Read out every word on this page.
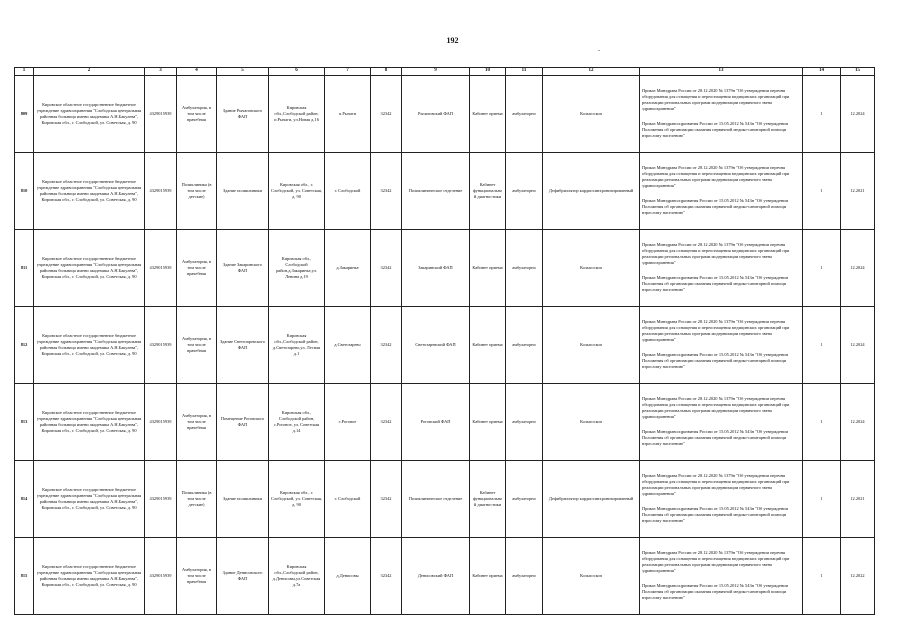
192
.
1	2	3	4	5	6	7	8	9	10	11	12	13	14	15
809	Кировское областное государственное бюджетное учреждение здравоохранения "Слободская центральная районная больница имени академика А.Н.Бакулева", Кировская обл., г. Слободской, ул. Советская, д. 90	4329015939	Амбулатория, в том числе врачебная	Здание Рычаговского ФАП	Кировская обл.,Слободской район, п.Рычаги, ул.Новая д.16	п.Рычаги	32342	Рычаговский ФАП	Кабинет приема	амбулаторно	Кольпоскоп	Приказ Минздрава России от 28.12.2020 № 1379н "Об утверждении перечня оборудования для оснащения и переоснащения медицинских организаций при реализации региональных программ модернизации первичного звена здравоохранения"
Приказ Минздравсоцразвития России от 15.05.2012 № 543н "Об утверждении Положения об организации оказания первичной медико-санитарной помощи взрослому населению"	1	12.2024
810	Кировское областное государственное бюджетное учреждение здравоохранения "Слободская центральная районная больница имени академика А.Н.Бакулева", Кировская обл., г. Слободской, ул. Советская, д. 90	4329015939	Поликлиника (в том числе детские)	Здание поликлиники	Кировская обл., г. Слободской, ул. Советская, д. 90	г. Слободской	32342	Поликлиническое отделение	Кабинет функциональной диагностики	амбулаторно	Дефибриллятор кардиосинхронизированный	Приказ Минздрава России от 28.12.2020 № 1379н "Об утверждении перечня оборудования для оснащения и переоснащения медицинских организаций при реализации региональных программ модернизации первичного звена здравоохранения"
Приказ Минздравсоцразвития России от 15.05.2012 № 543н "Об утверждении Положения об организации оказания первичной медико-санитарной помощи взрослому населению"	1	12.2021
811	Кировское областное государственное бюджетное учреждение здравоохранения "Слободская центральная районная больница имени академика А.Н.Бакулева", Кировская обл., г. Слободской, ул. Советская, д. 90	4329015939	Амбулатория, в том числе врачебная	Здание Закаринского ФАП	Кировская обл., Слободской район,д.Закаринье,ул. Ленина д.19	д.Закаринье	32342	Закаринский ФАП	Кабинет приема	амбулаторно	Кольпоскоп	Приказ Минздрава России от 28.12.2020 № 1379н "Об утверждении перечня оборудования для оснащения и переоснащения медицинских организаций при реализации региональных программ модернизации первичного звена здравоохранения"
Приказ Минздравсоцразвития России от 15.05.2012 № 543н "Об утверждении Положения об организации оказания первичной медико-санитарной помощи взрослому населению"	1	12.2024
812	Кировское областное государственное бюджетное учреждение здравоохранения "Слободская центральная районная больница имени академика А.Н.Бакулева", Кировская обл., г. Слободской, ул. Советская, д. 90	4329015939	Амбулатория, в том числе врачебная	Здание Светозаревского ФАП	Кировская обл.,Слободской район, д.Светозарево,ул. Лесная д.1	д.Светозарево	32342	Светозаревский ФАП	Кабинет приема	амбулаторно	Кольпоскоп	Приказ Минздрава России от 28.12.2020 № 1379н "Об утверждении перечня оборудования для оснащения и переоснащения медицинских организаций при реализации региональных программ модернизации первичного звена здравоохранения"
Приказ Минздравсоцразвития России от 15.05.2012 № 543н "Об утверждении Положения об организации оказания первичной медико-санитарной помощи взрослому населению"	1	12.2024
813	Кировское областное государственное бюджетное учреждение здравоохранения "Слободская центральная районная больница имени академика А.Н.Бакулева", Кировская обл., г. Слободской, ул. Советская, д. 90	4329015939	Амбулатория, в том числе врачебная	Помещение Роговского ФАП	Кировская обл., Слободской район, с.Роговое, ул. Советская д.14	с.Роговое	32342	Роговский ФАП	Кабинет приема	амбулаторно	Кольпоскоп	Приказ Минздрава России от 28.12.2020 № 1379н "Об утверждении перечня оборудования для оснащения и переоснащения медицинских организаций при реализации региональных программ модернизации первичного звена здравоохранения"
Приказ Минздравсоцразвития России от 15.05.2012 № 543н "Об утверждении Положения об организации оказания первичной медико-санитарной помощи взрослому населению"	1	12.2024
814	Кировское областное государственное бюджетное учреждение здравоохранения "Слободская центральная районная больница имени академика А.Н.Бакулева", Кировская обл., г. Слободской, ул. Советская, д. 90	4329015939	Поликлиника (в том числе детские)	Здание поликлиники	Кировская обл., г. Слободской, ул. Советская, д. 90	г. Слободской	32342	Поликлиническое отделение	Кабинет функциональной диагностики	амбулаторно	Дефибриллятор кардиосинхронизированный	Приказ Минздрава России от 28.12.2020 № 1379н "Об утверждении перечня оборудования для оснащения и переоснащения медицинских организаций при реализации региональных программ модернизации первичного звена здравоохранения"
Приказ Минздравсоцразвития России от 15.05.2012 № 543н "Об утверждении Положения об организации оказания первичной медико-санитарной помощи взрослому населению"	1	12.2021
815	Кировское областное государственное бюджетное учреждение здравоохранения "Слободская центральная районная больница имени академика А.Н.Бакулева", Кировская обл., г. Слободской, ул. Советская, д. 90	4329015939	Амбулатория, в том числе врачебная	Здание Денисовского ФАП	Кировская обл.,Слободской район, д.Денисовы,ул.Советская д.7а	д.Денисовы	32342	Денисовский ФАП	Кабинет приема	амбулаторно	Кольпоскоп	Приказ Минздрава России от 28.12.2020 № 1379н "Об утверждении перечня оборудования для оснащения и переоснащения медицинских организаций при реализации региональных программ модернизации первичного звена здравоохранения"
Приказ Минздравсоцразвития России от 15.05.2012 № 543н "Об утверждении Положения об организации оказания первичной медико-санитарной помощи взрослому населению"	1	12.2022
